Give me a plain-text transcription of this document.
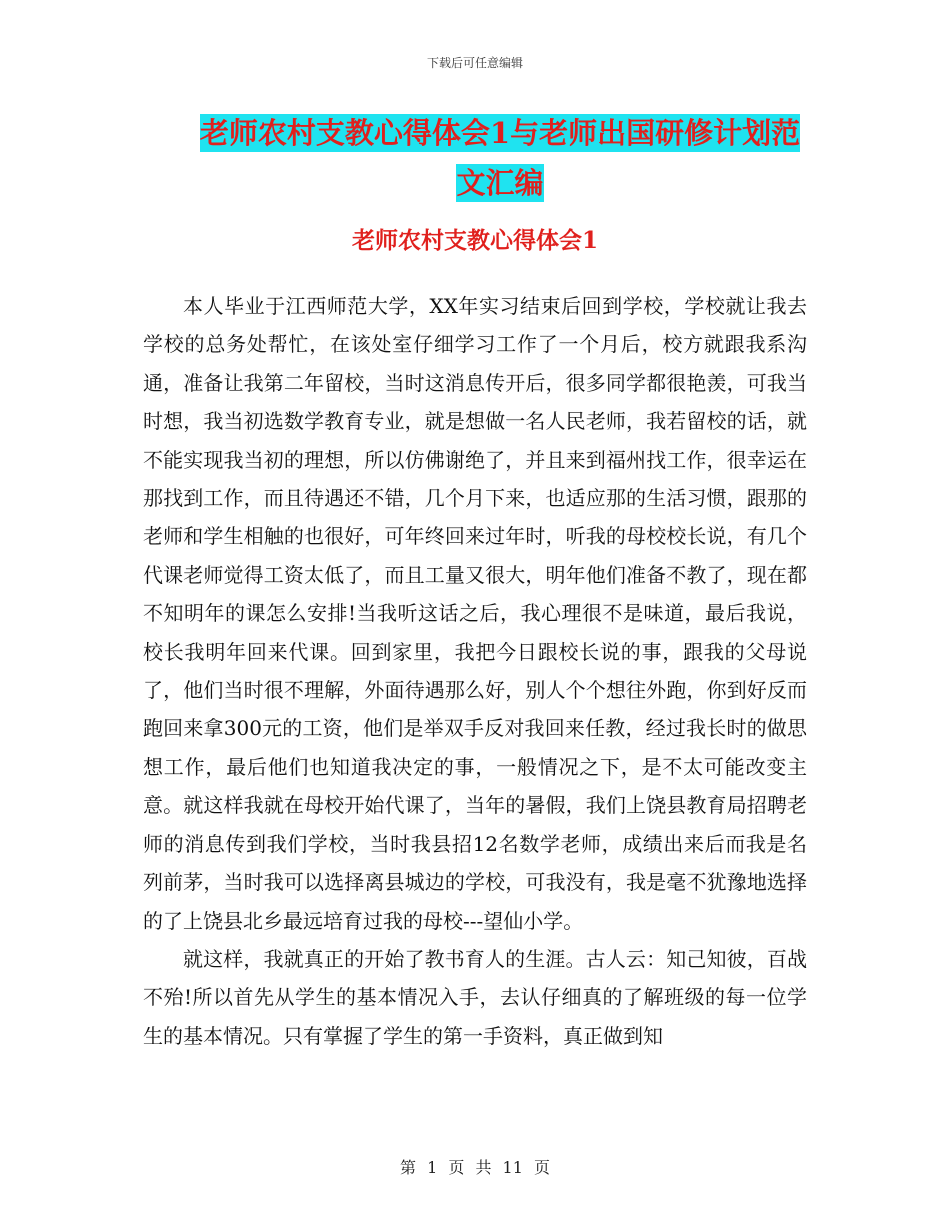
下载后可任意编辑
老师农村支教心得体会1与老师出国研修计划范文汇编
老师农村支教心得体会1

本人毕业于江西师范大学，XX年实习结束后回到学校，学校就让我去学校的总务处帮忙，在该处室仔细学习工作了一个月后，校方就跟我系沟通，准备让我第二年留校，当时这消息传开后，很多同学都很艳羡，可我当时想，我当初选数学教育专业，就是想做一名人民老师，我若留校的话，就不能实现我当初的理想，所以仿佛谢绝了，并且来到福州找工作，很幸运在那找到工作，而且待遇还不错，几个月下来，也适应那的生活习惯，跟那的老师和学生相触的也很好，可年终回来过年时，听我的母校校长说，有几个代课老师觉得工资太低了，而且工量又很大，明年他们准备不教了，现在都不知明年的课怎么安排!当我听这话之后，我心理很不是味道，最后我说，校长我明年回来代课。回到家里，我把今日跟校长说的事，跟我的父母说了，他们当时很不理解，外面待遇那么好，别人个个想往外跑，你到好反而跑回来拿300元的工资，他们是举双手反对我回来任教，经过我长时的做思想工作，最后他们也知道我决定的事，一般情况之下，是不太可能改变主意。就这样我就在母校开始代课了，当年的暑假，我们上饶县教育局招聘老师的消息传到我们学校，当时我县招12名数学老师，成绩出来后而我是名列前茅，当时我可以选择离县城边的学校，可我没有，我是毫不犹豫地选择的了上饶县北乡最远培育过我的母校---望仙小学。

就这样，我就真正的开始了教书育人的生涯。古人云：知己知彼，百战不殆!所以首先从学生的基本情况入手，去认仔细真的了解班级的每一位学生的基本情况。只有掌握了学生的第一手资料，真正做到知

第 1 页 共 11 页
